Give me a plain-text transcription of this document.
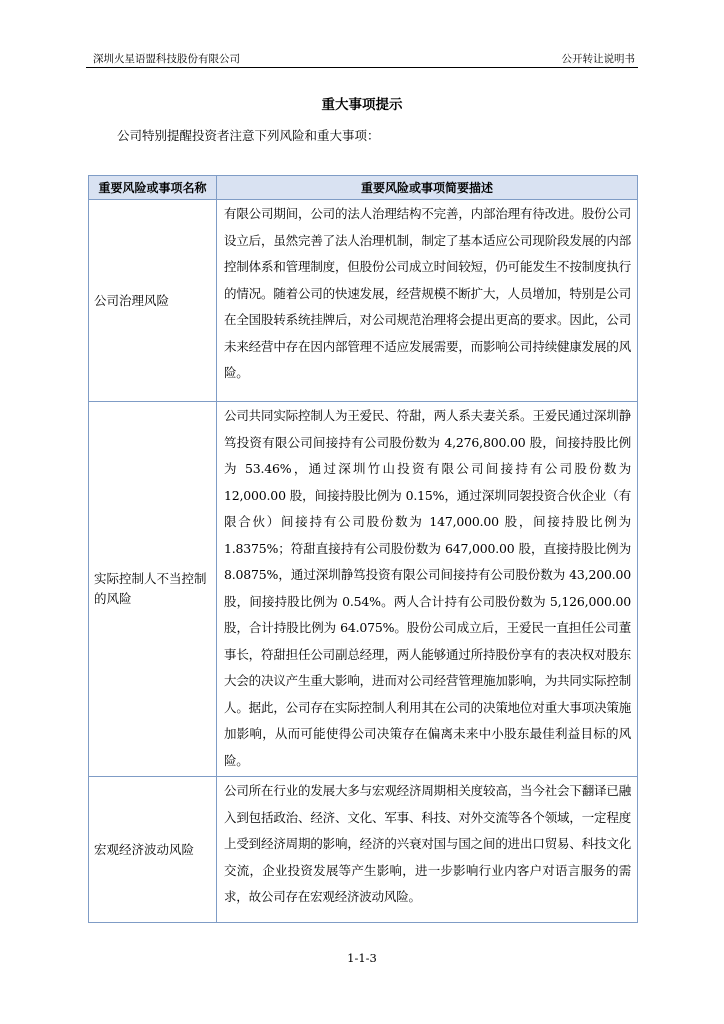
深圳火星语盟科技股份有限公司	公开转让说明书
重大事项提示
公司特别提醒投资者注意下列风险和重大事项：
重要风险或事项名称	重要风险或事项简要描述
公司治理风险	有限公司期间，公司的法人治理结构不完善，内部治理有待改进。股份公司设立后，虽然完善了法人治理机制，制定了基本适应公司现阶段发展的内部控制体系和管理制度，但股份公司成立时间较短，仍可能发生不按制度执行的情况。随着公司的快速发展，经营规模不断扩大，人员增加，特别是公司在全国股转系统挂牌后，对公司规范治理将会提出更高的要求。因此，公司未来经营中存在因内部管理不适应发展需要，而影响公司持续健康发展的风险。
实际控制人不当控制的风险	公司共同实际控制人为王爱民、符甜，两人系夫妻关系。王爱民通过深圳静笃投资有限公司间接持有公司股份数为 4,276,800.00 股，间接持股比例为 53.46%，通过深圳竹山投资有限公司间接持有公司股份数为 12,000.00 股，间接持股比例为 0.15%，通过深圳同袈投资合伙企业（有限合伙）间接持有公司股份数为 147,000.00 股，间接持股比例为 1.8375%；符甜直接持有公司股份数为 647,000.00 股，直接持股比例为 8.0875%，通过深圳静笃投资有限公司间接持有公司股份数为 43,200.00 股，间接持股比例为 0.54%。两人合计持有公司股份数为 5,126,000.00 股，合计持股比例为 64.075%。股份公司成立后，王爱民一直担任公司董事长，符甜担任公司副总经理，两人能够通过所持股份享有的表决权对股东大会的决议产生重大影响，进而对公司经营管理施加影响，为共同实际控制人。据此，公司存在实际控制人利用其在公司的决策地位对重大事项决策施加影响，从而可能使得公司决策存在偏离未来中小股东最佳利益目标的风险。
宏观经济波动风险	公司所在行业的发展大多与宏观经济周期相关度较高，当今社会下翻译已融入到包括政治、经济、文化、军事、科技、对外交流等各个领域，一定程度上受到经济周期的影响，经济的兴衰对国与国之间的进出口贸易、科技文化交流，企业投资发展等产生影响，进一步影响行业内客户对语言服务的需求，故公司存在宏观经济波动风险。
1-1-3
